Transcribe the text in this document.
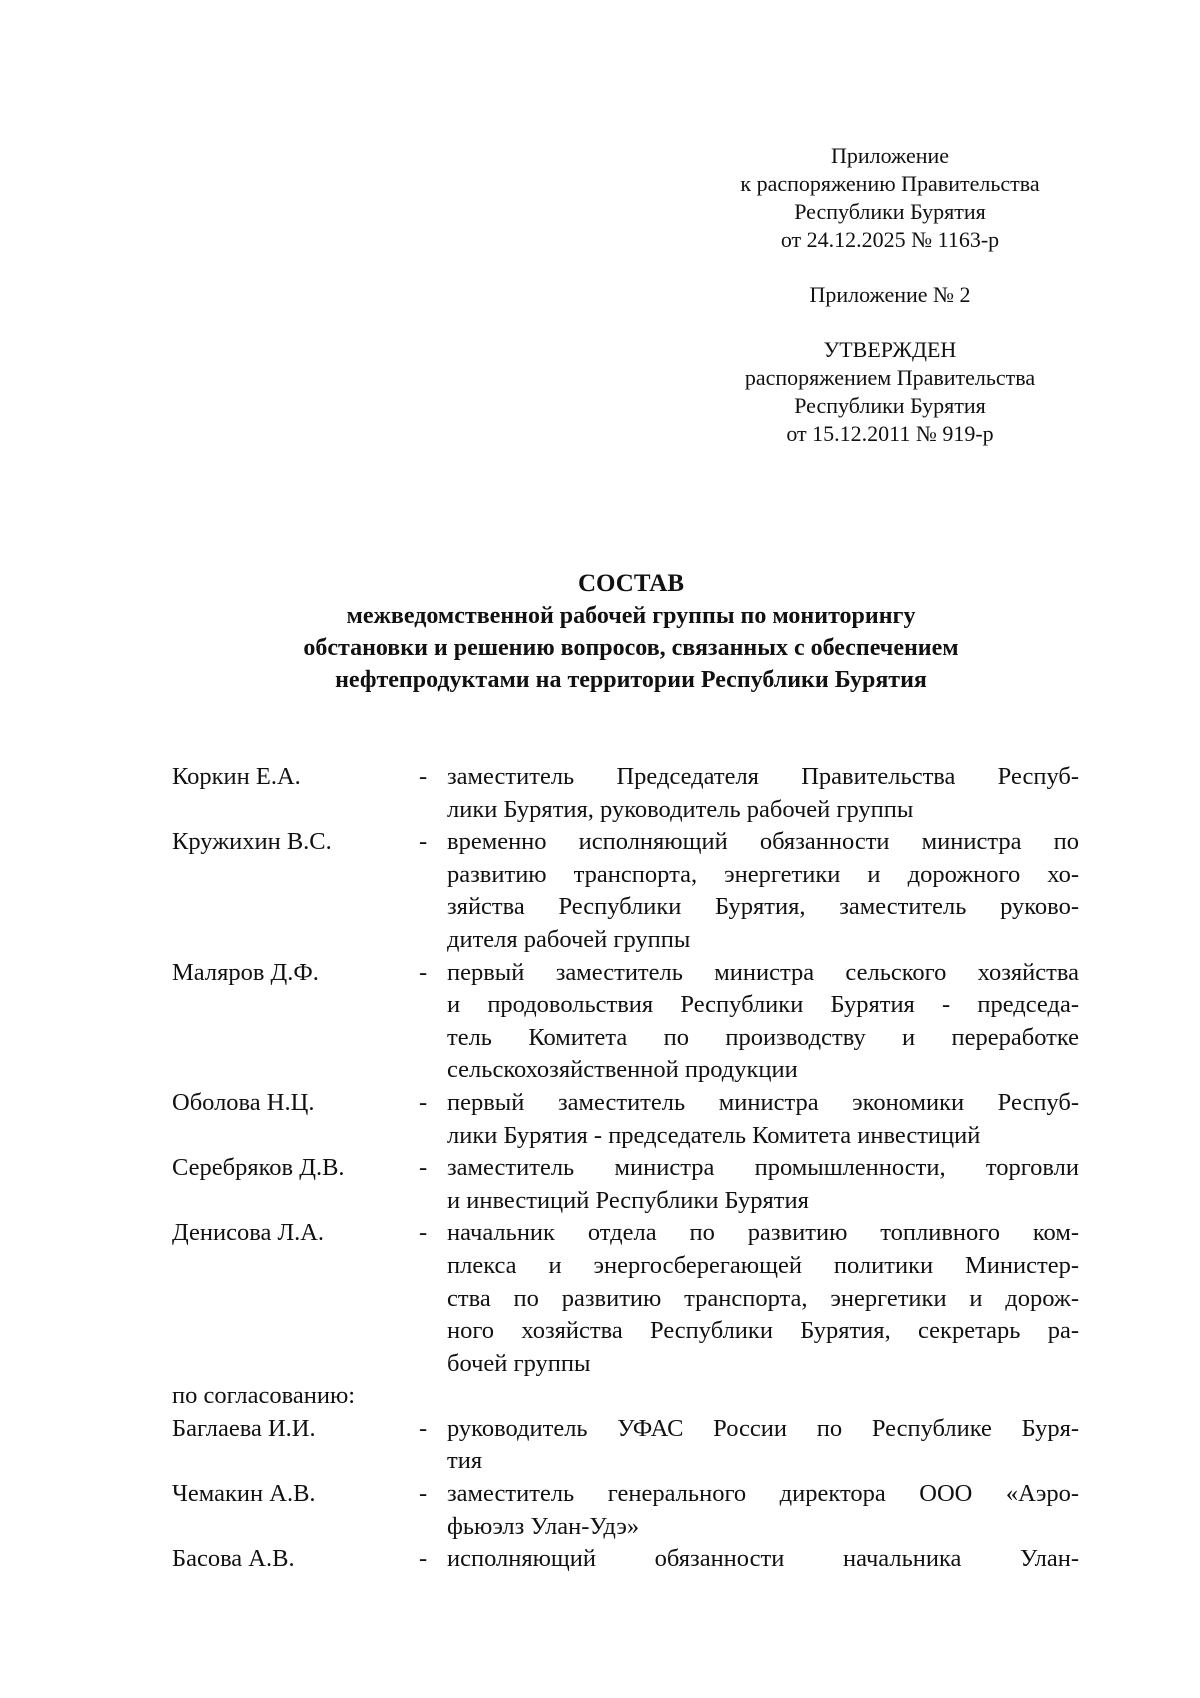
Приложение
к распоряжению Правительства
Республики Бурятия
от 24.12.2025 № 1163-р
Приложение № 2
УТВЕРЖДЕН
распоряжением Правительства
Республики Бурятия
от 15.12.2011 № 919-р
СОСТАВ
межведомственной рабочей группы по мониторингу
обстановки и решению вопросов, связанных с обеспечением
нефтепродуктами на территории Республики Бурятия
Коркин Е.А.	- заместитель Председателя Правительства Респуб-
лики Бурятия, руководитель рабочей группы
Кружихин В.С.	- временно исполняющий обязанности министра по
развитию транспорта, энергетики и дорожного хо-
зяйства Республики Бурятия, заместитель руково-
дителя рабочей группы
Маляров Д.Ф.	- первый заместитель министра сельского хозяйства
и продовольствия Республики Бурятия - председа-
тель Комитета по производству и переработке
сельскохозяйственной продукции
Оболова Н.Ц.	- первый заместитель министра экономики Респуб-
лики Бурятия - председатель Комитета инвестиций
Серебряков Д.В.	- заместитель министра промышленности, торговли
и инвестиций Республики Бурятия
Денисова Л.А.	- начальник отдела по развитию топливного ком-
плекса и энергосберегающей политики Министер-
ства по развитию транспорта, энергетики и дорож-
ного хозяйства Республики Бурятия, секретарь ра-
бочей группы
по согласованию:
Баглаева И.И.	- руководитель УФАС России по Республике Буря-
тия
Чемакин А.В.	- заместитель генерального директора ООО «Аэро-
фьюэлз Улан-Удэ»
Басова А.В.	- исполняющий обязанности начальника Улан-
